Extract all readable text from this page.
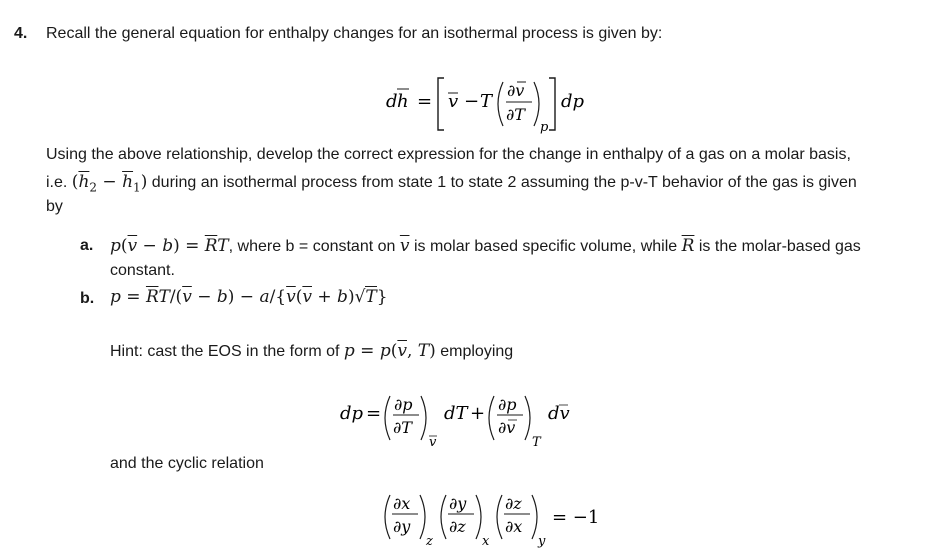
4. Recall the general equation for enthalpy changes for an isothermal process is given by:
d h = v − T
∂v
∂T
p
dp
Using the above relationship, develop the correct expression for the change in enthalpy of a gas on a molar basis,
i.e. $(\overline{h}_2 - \overline{h}_1)$ during an isothermal process from state 1 to state 2 assuming the p-v-T behavior of the gas is given
by
a. $p(\overline{v} - b) = \overline{R}T$, where b = constant on $\overline{v}$ is molar based specific volume, while $\overline{R}$ is the molar-based gas
constant.
b. $p = \overline{R}T/(\overline{v} - b) - a/\{\overline{v}(\overline{v} + b)√T\}$
Hint: cast the EOS in the form of $p = p(\overline{v}$, T) employing
dp = ∂p
∂T
v
dT + ∂p
∂v
T
dv
and the cyclic relation
∂x
∂y
z
∂y
∂z
x
∂z
∂x
y
= −1
